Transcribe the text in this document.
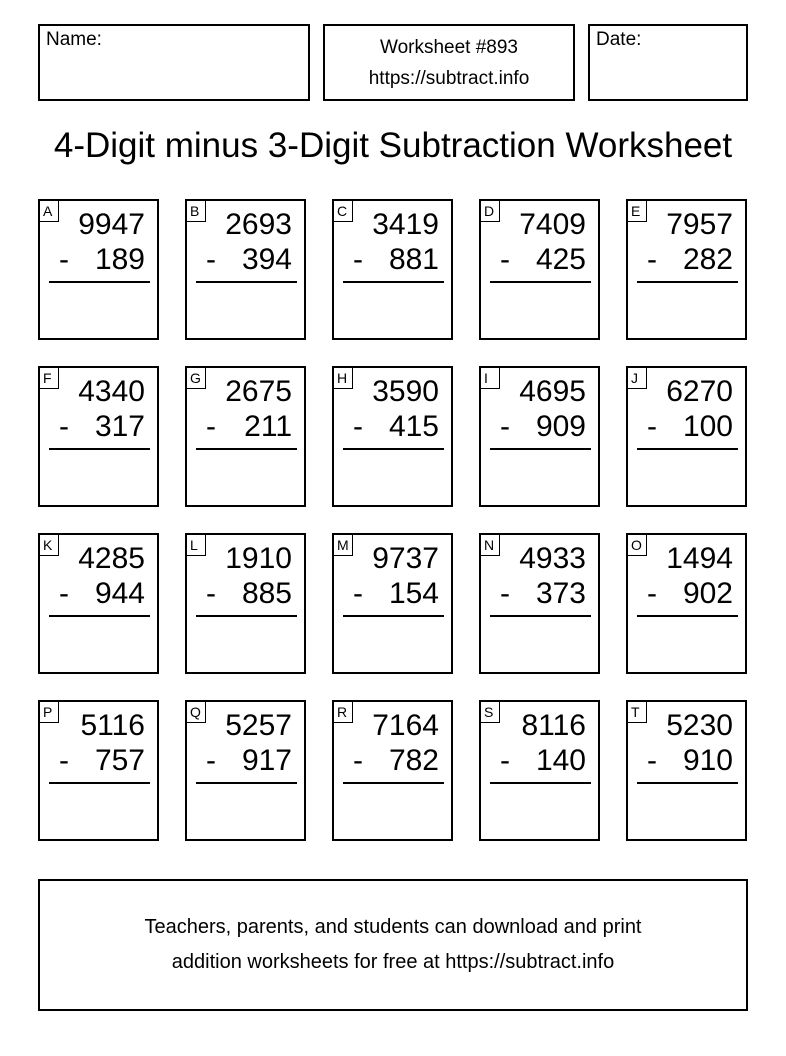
Name:	Worksheet #893
https://subtract.info
Date:
4-Digit minus 3-Digit Subtraction Worksheet
A 9947
- 189
B 2693
- 394
C 3419
- 881
D 7409
- 425
E 7957
- 282
F 4340
- 317
G 2675
- 211
H 3590
- 415
I	4695
- 909
J 6270
- 100
K 4285
- 944
L 1910
- 885
M 9737
- 154
N 4933
- 373
O 1494
- 902
P 5116
- 757
Q 5257
- 917
R 7164
- 782
S 8116
- 140
T 5230
- 910
Teachers, parents, and students can download and print
addition worksheets for free at https://subtract.info
